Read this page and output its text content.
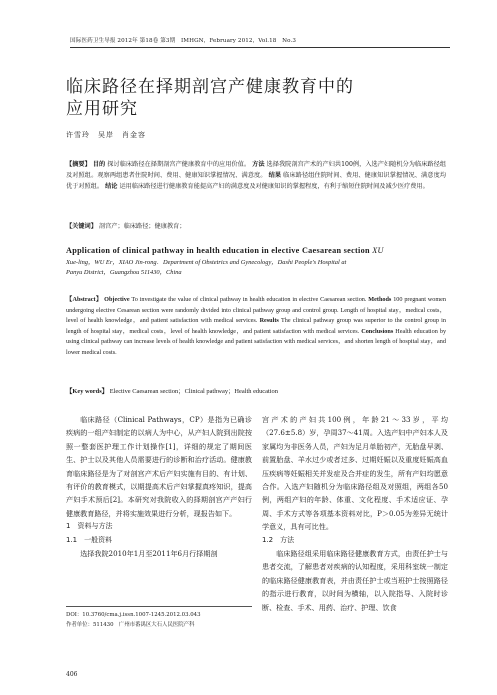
国际医药卫生导报 2012年 第18卷 第3期　IMHGN，February 2012，Vol.18　No.3
临床路径在择期剖宫产健康教育中的
应用研究
许雪玲　吴岸　肖金容
【摘要】 目的 探讨临床路径在择期剖宫产健康教育中的应用价值。 方法 选择我院剖宫产术的产妇共100例，入选产妇随机分为临床路径组及对照组。观察两组患者住院时间、费用、健康知识掌握情况、满意度。 结果 临床路径组住院时间、费用、健康知识掌握情况、满意度均优于对照组。 结论 运用临床路径进行健康教育能提高产妇的满意度及对健康知识的掌握程度，有利于缩短住院时间及减少医疗费用。
【关键词】 剖宫产；临床路径；健康教育；
Application of clinical pathway in health education in elective Caesarean section XU
Xue-ling，WU Er，XIAO Jin-rong．Department of Obstetrics and Gynecology，Dashi People's Hospital at
Panyu District，Guangzhou 511430，China
【Abstract】 Objective To investigate the value of clinical pathway in health education in elective Caesarean section. Methods 100 pregnant women undergoing elective Cesarean section were randomly divided into clinical pathway group and control group. Length of hospital stay，medical costs，level of health knowledge，and patient satisfaction with medical services. Results The clinical pathway group was superior to the control group in length of hospital stay，medical costs，level of health knowledge，and patient satisfaction with medical services. Conclusions Health education by using clinical pathway can increase levels of health knowledge and patient satisfaction with medical services，and shorten length of hospital stay，and lower medical costs.
【Key words】 Elective Caesarean section；Clinical pathway；Health education

临床路径（Clinical Pathways，CP）是指为已确诊疾病的一组产妇制定的以病人为中心，从产妇人院到出院按照一整套医护理工作计划操作[1]，详细的规定了期间医生、护士以及其他人员需要进行的诊断和治疗活动。健康教育临床路径是为了对剖宫产术后产妇实施有目的、有计划、有评价的教育模式，以期提高术后产妇掌握真疼知识，提高产妇手术预后[2]。本研究对我院收入的择期剖宫产产妇行健康教育路径，并将实施效果进行分析，现报告如下。

1　资料与方法

1.1　一般资料

选择我院2010年1月至2011年6月行择期剖

宫产术的产妇共100例，年龄21～33岁，平均（27.6±5.8）岁，孕周37～41周。入选产妇中产妇本人及家属均为非医务人员，产妇为足月单胎初产，无胎盘早剥、前置胎盘、羊水过少或者过多、过期妊娠以及重度妊娠高血压疾病等妊娠相关并发症及合并症的发生，所有产妇均愿意合作。入选产妇随机分为临床路径组及对照组，两组各50例，两组产妇的年龄、体重、文化程度、手术适应证、孕周、手术方式等各项基本资料对比，P＞0.05为差异无统计学意义，具有可比性。

1.2　方法

临床路径组采用临床路径健康教育方式，由责任护士与患者交流，了解患者对疾病的认知程度，采用科室统一制定的临床路径健康教育表，并由责任护士或当班护士按照路径的指示进行教育，以时间为横轴，以入院指导、入院时诊断、检查、手术、用药、治疗、护理、饮食

DOI：10.3760/cma.j.issn.1007-1245.2012.03.043
作者单位：511430　广州市番禺区大石人民医院产科
406
